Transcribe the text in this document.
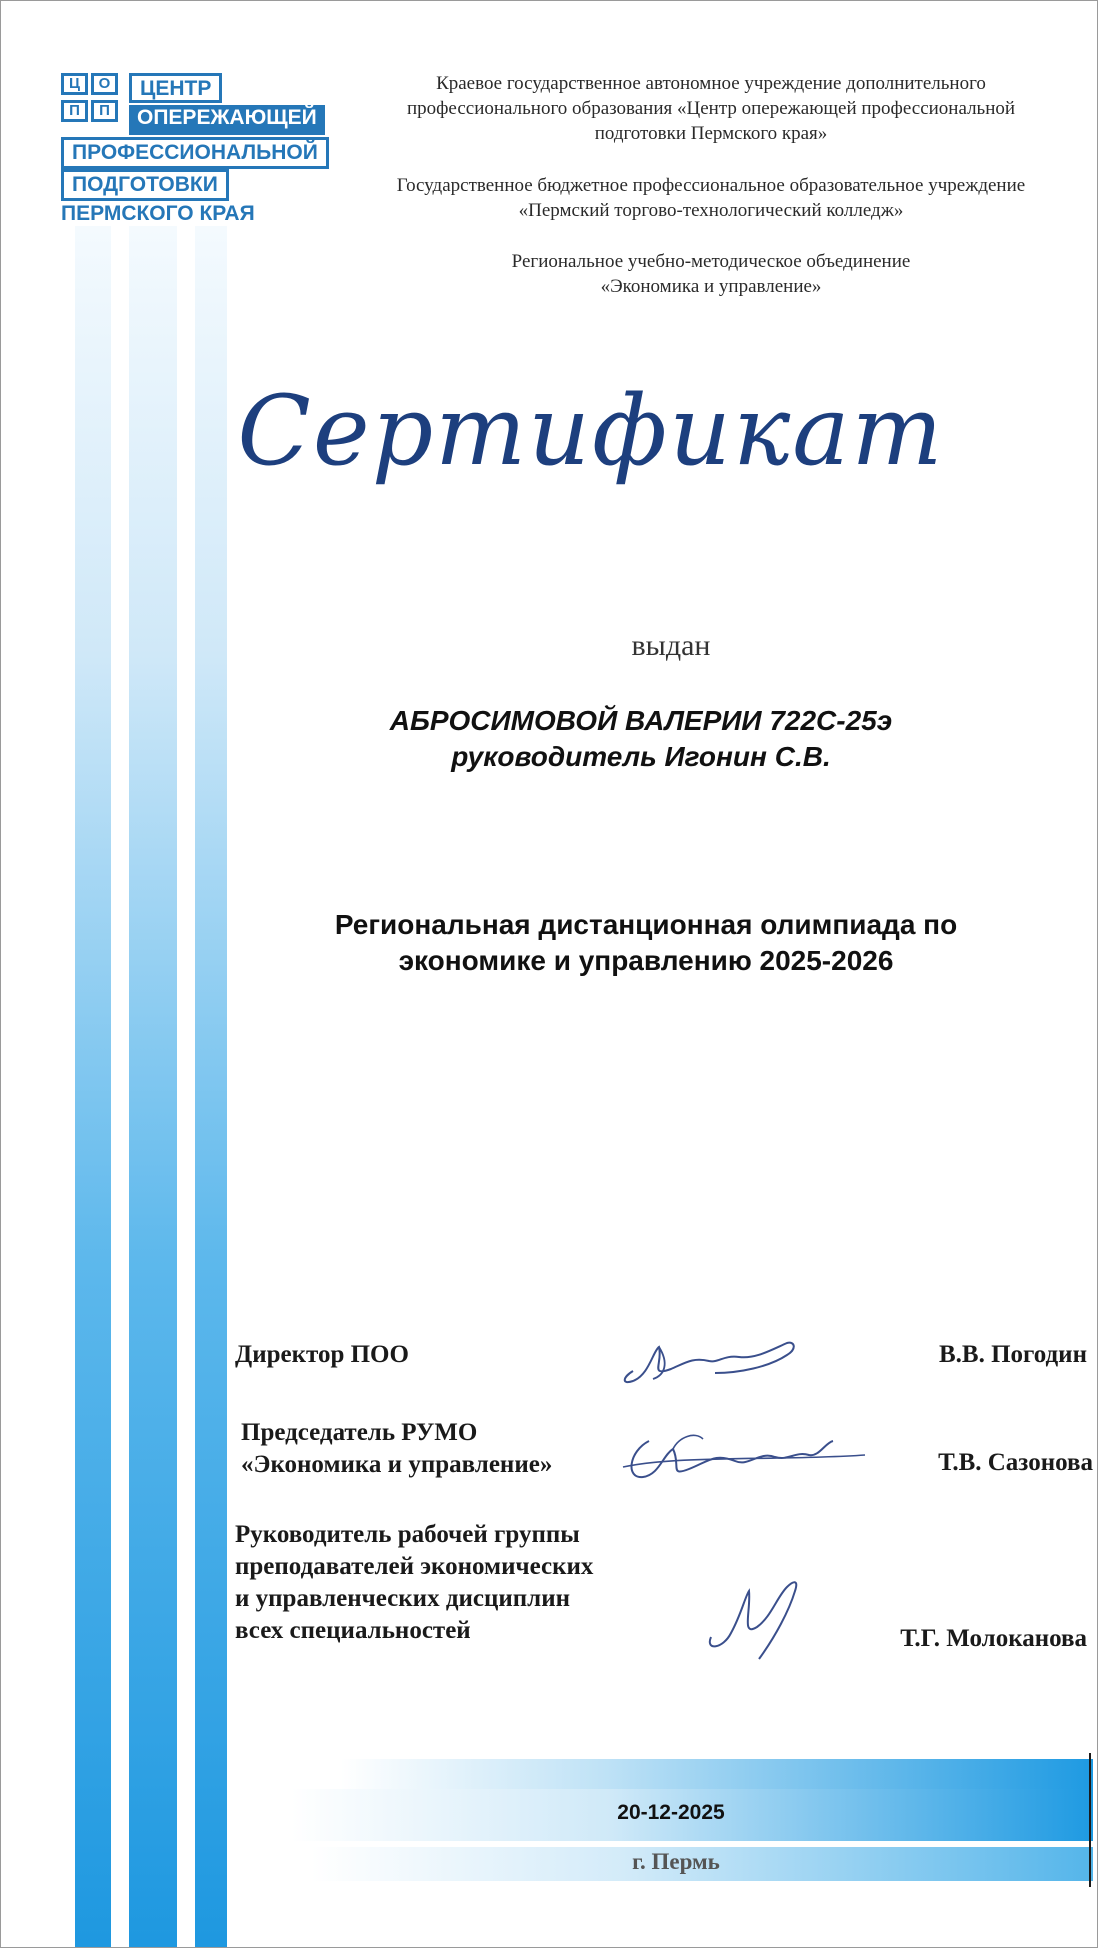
Ц	О
П	П
ЦЕНТР
ОПЕРЕЖАЮЩЕЙ
ПРОФЕССИОНАЛЬНОЙ
ПОДГОТОВКИ
ПЕРМСКОГО КРАЯ

Краевое государственное автономное учреждение дополнительного

профессионального образования «Центр опережающей профессиональной

подготовки Пермского края»

Государственное бюджетное профессиональное образовательное учреждение

«Пермский торгово-технологический колледж»

Региональное учебно-методическое объединение

«Экономика и управление»

Сертификат
выдан
АБРОСИМОВОЙ ВАЛЕРИИ 722С-25э
руководитель Игонин С.В.
Региональная дистанционная олимпиада по
экономике и управлению 2025-2026
Директор ПОО	В.В. Погодин
Председатель РУМО
«Экономика и управление»	Т.В. Сазонова
Руководитель рабочей группы
преподавателей экономических
и управленческих дисциплин
всех специальностей	Т.Г. Молоканова
20-12-2025
г. Пермь
